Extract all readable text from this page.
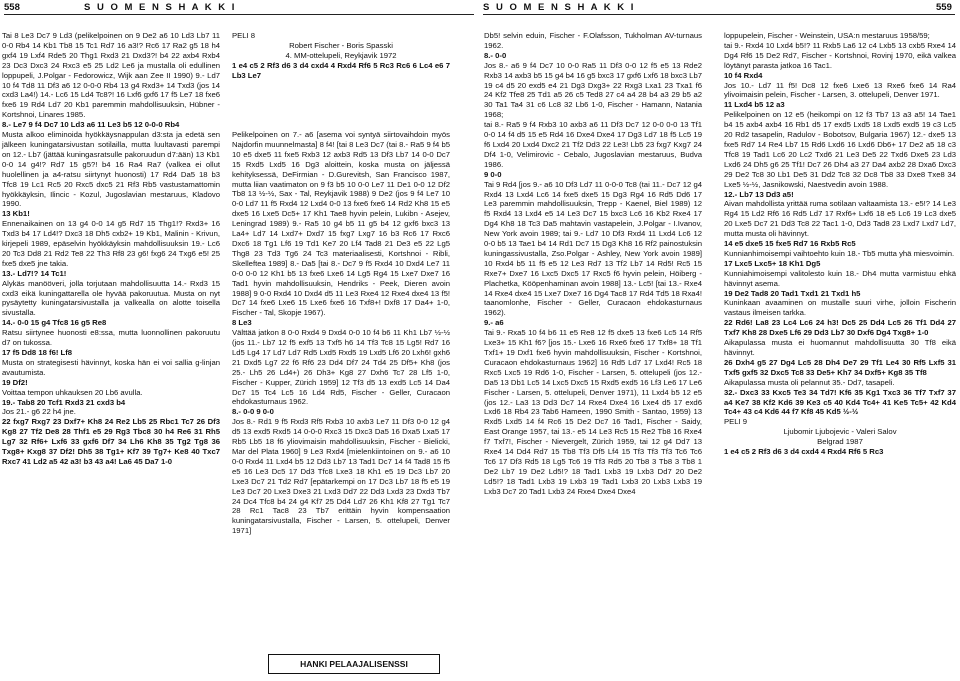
558	S U O M E N S H A K K I	S U O M E N S H A K K I	559

Tai 8 Le3 Dc7 9 Ld3 (pelikelpoinen on 9 De2 a6 10 Ld3 Lb7 11 0-0 Rb4 14 Kb1 Tb8 15 Tc1 Rd7 16 a3!? Rc6 17 Ra2 g5 18 h4 gxf4 19 Lxf4 Rde5 20 Thg1 Rxd3 21 Dxd3?! b4 22 axb4 Rxb4 23 Dc3 Dxc3 24 Rxc3 e5 25 Ld2 Le6 ja mustalla oli edullinen loppupeli, J.Polgar - Fedorowicz, Wijk aan Zee II 1990) 9.- Ld7 10 f4 Td8 11 Df3 a6 12 0-0-0 Rb4 13 g4 Rxd3+ 14 Txd3 (jos 14 cxd3 La4!) 14.- Lc6 15 Ld4 Tc8?! 16 Lxf6 gxf6 17 f5 Le7 18 fxe6 fxe6 19 Rd4 Ld7 20 Kb1 paremmin mahdollisuuksin, Hübner - Kortshnoi, Linares 1985.

8.- Le7 9 f4 Dc7 10 Ld3 a6 11 Le3 b5 12 0-0-0 Rb4

Musta alkoo eliminoida hyökkäysnappulan d3:sta ja edetä sen jälkeen kuningatarsivustan sotilailla, mutta luultavasti parempi on 12.- Lb7 (jättää kuningasratsulle pakoruudun d7:ään) 13 Kb1 0-0 14 g4!? Rd7 15 g5?! b4 16 Ra4 Ra7 (valkea ei ollut huolellinen ja a4-ratsu siirtynyt huonosti) 17 Rd4 Da5 18 b3 Tfc8 19 Lc1 Rc5 20 Rxc5 dxc5 21 Rf3 Rb5 vastustamattomin hyökkäyksin, Ilincic - Kozul, Jugoslavian mestaruus, Kladovo 1990.

13 Kb1!

Ennenaikainen on 13 g4 0-0 14 g5 Rd7 15 Thg1!? Rxd3+ 16 Txd3 b4 17 Ld4!? Dxc3 18 Dh5 cxb2+ 19 Kb1, Malinin - Krivun, kirjepeli 1989, epäselvin hyökkäyksin mahdollisuuksin 19.- Lc6 20 Tc3 Dd8 21 Rd2 Te8 22 Th3 Rf8 23 g6! fxg6 24 Txg6 e5! 25 fxe5 dxe5 jne takia.

13.- Ld7!? 14 Tc1!

Alykäs manööveri, jolla torjutaan mahdollisuutta 14.- Rxd3 15 cxd3 eikä kuningattarella ole hyvää pakoruutua. Musta on nyt pysäytetty kuningatarsivustalla ja valkealla on alotte toisella sivustalla.

14.- 0-0 15 g4 Tfc8 16 g5 Re8

Ratsu siirtynee huonosti e8:ssa, mutta luonnollinen pakoruutu d7 on tukossa.

17 f5 Dd8 18 f6! Lf8

Musta on strategisesti hävinnyt, koska hän ei voi sallia g-linjan avautumista.

19 Df2!

Voittaa tempon uhkauksen 20 Lb6 avulla.

19.- Tab8 20 Tcf1 Rxd3 21 cxd3 b4

Jos 21.- g6 22 h4 jne.

22 fxg7 Rxg7 23 Dxf7+ Kh8 24 Re2 Lb5 25 Rbc1 Tc7 26 Df3 Kg8 27 Tf2 De8 28 Thf1 e5 29 Rg3 Tbc8 30 h4 Re6 31 Rh5 Lg7 32 Rf6+ Lxf6 33 gxf6 Df7 34 Lh6 Kh8 35 Tg2 Tg8 36 Txg8+ Kxg8 37 Df2! Dh5 38 Tg1+ Kf7 39 Tg7+ Ke8 40 Txc7 Rxc7 41 Ld2 a5 42 a3! b3 43 a4! La6 45 Da7 1-0

PELI 8

Robert Fischer - Boris Spasski

4. MM-ottelupeli, Reykjavik 1972

1 e4 c5 2 Rf3 d6 3 d4 cxd4 4 Rxd4 Rf6 5 Rc3 Rc6 6 Lc4 e6 7 Lb3 Le7

Pelikelpoinen on 7.- a6 [asema voi syntyä siirtovaihdoin myös Najdorfin muunnelmasta] 8 f4! [tai 8 Le3 Dc7 (tai 8.- Ra5 9 f4 b5 10 e5 dxe5 11 fxe5 Rxb3 12 axb3 Rd5 13 Df3 Lb7 14 0-0 Dc7 15 Rxd5 Lxd5 16 Dg3 aloittein, koska musta on jäljessä kehityksessä, DeFirmian - D.Gurevitsh, San Francisco 1987, mutta liian vaatimaton on 9 f3 b5 10 0-0 Le7 11 De1 0-0 12 Df2 Tb8 13 ½-½, Sax - Tal, Reykjavik 1988) 9 De2 (jos 9 f4 Le7 10 0-0 Ld7 11 f5 Rxd4 12 Lxd4 0-0 13 fxe6 fxe6 14 Rd2 Kh8 15 e5 dxe5 16 Lxe5 Dc5+ 17 Kh1 Tae8 hyvin pelein, Lukibn - Asejev, Leningrad 1989) 9.- Ra5 10 g4 b5 11 g5 b4 12 gxf6 bxc3 13 La4+ Ld7 14 Lxd7+ Dxd7 15 fxg7 Lxg7 16 b3 Rc6 17 Rxc6 Dxc6 18 Tg1 Lf6 19 Td1 Ke7 20 Lf4 Tad8 21 De3 e5 22 Lg5 Thg8 23 Td3 Tg6 24 Tc3 materiaalisesti, Kortshnoi - Ribli, Skelleftea 1989] 8.- Da5 [tai 8.- Dc7 9 f5 Rxd4 10 Dxd4 Le7 11 0-0 0-0 12 Kh1 b5 13 fxe6 Lxe6 14 Lg5 Rg4 15 Lxe7 Dxe7 16 Tad1 hyvin mahdollisuuksin, Hendriks - Peek, Dieren avoin 1988] 9 0-0 Rxd4 10 Dxd4 d5 11 Le3 Rxe4 12 Rxe4 dxe4 13 f5! Dc7 14 fxe6 Lxe6 15 Lxe6 fxe6 16 Txf8+! Dxf8 17 Da4+ 1-0, Fischer - Tal, Skopje 1967).

8 Le3

Välttää jatkon 8 0-0 Rxd4 9 Dxd4 0-0 10 f4 b6 11 Kh1 Lb7 ½-½ (jos 11.- Lb7 12 f5 exf5 13 Txf5 h6 14 Tf3 Tc8 15 Lg5! Rd7 16 Ld5 Lg4 17 Ld7 Ld7 Rd5 Lxd5 Rxd5 19 Lxd5 Lf6 20 Lxh6! gxh6 21 Dxd5 Lg7 22 f6 Rf6 23 Dd4 Df7 24 Td4 25 Df5+ Kh8 (jos 25.- Lh5 26 Ld4+) 26 Dh3+ Kg8 27 Dxh6 Tc7 28 Lf5 1-0, Fischer - Kupper, Zürich 1959] 12 Tf3 d5 13 exd5 Lc5 14 Da4 Dc7 15 Tc4 Lc5 16 Ld4 Rd5, Fischer - Geller, Curacaon ehdokasturnaus 1962.

8.- 0-0 9 0-0

Jos 8.- Rd1 9 f5 Rxd3 Rf5 Rxb3 10 axb3 Le7 11 Df3 0-0 12 g4 d5 13 exd5 Rxd5 14 0-0-0 Rxc3 15 Dxc3 Da5 16 Dxa5 Lxa5 17 Rb5 Lb5 18 f6 yliovimaisin mahdollisuuksin, Fischer - Bielicki, Mar del Plata 1960] 9 Le3 Rxd4 [mielenkiintoinen on 9.- a6 10 0-0 Rxd4 11 Lxd4 b5 12 Dd3 Lb7 13 Tad1 Dc7 14 f4 Tad8 15 f5 e5 16 Le3 Dc5 17 Dd3 Tfc8 Lxe3 18 Kh1 e5 19 Dc3 Lb7 20 Lxe3 Dc7 21 Td2 Rd7 [epätarkempi on 17 Dc3 Lb7 18 f5 e5 19 Le3 Dc7 20 Lxe3 Dxe3 21 Lxd3 Dd7 22 Dd3 Lxd3 23 Dxd3 Tb7 24 Dc4 Tfc8 b4 24 g4 Kf7 25 Dd4 Ld7 26 Kh1 Kf8 27 Tg1 Tc7 28 Rc1 Tac8 23 Tb7 erittäin hyvin kompensaation kuningatarsivustalla, Fischer - Larsen, 5. ottelupeli, Denver 1971]

HANKI PELAAJALISENSSI

Db5! selvin eduin, Fischer - F.Olafsson, Tukholman AV-turnaus 1962.

8.- 0-0

Jos 8.- a6 9 f4 Dc7 10 0-0 Ra5 11 Df3 0-0 12 f5 e5 13 Rde2 Rxb3 14 axb3 b5 15 g4 b4 16 g5 bxc3 17 gxf6 Lxf6 18 bxc3 Lb7 19 c4 d5 20 exd5 e4 21 Dg3 Dxg3+ 22 Rxg3 Lxa1 23 Txa1 f6 24 Kf2 Tfe8 25 Td1 a5 26 c5 Ted8 27 c4 a4 28 b4 a3 29 b5 a2 30 Ta1 Ta4 31 c6 Lc8 32 Lb6 1-0, Fischer - Hamann, Natania 1968;

tai 8.- Ra5 9 f4 Rxb3 10 axb3 a6 11 Df3 Dc7 12 0-0 0-0 13 Tf1 0-0 14 f4 d5 15 e5 Rd4 16 Dxe4 Dxe4 17 Dg3 Ld7 18 f5 Lc5 19 f6 Lxd4 20 Lxd4 Dxc2 21 Tf2 Dd3 22 Le3! Lb5 23 fxg7 Kxg7 24 Df4 1-0, Velimirovic - Cebalo, Jugoslavian mestaruus, Budva 1986.

9 0-0

Tai 9 Rd4 [jos 9.- a6 10 Df3 Ld7 11 0-0-0 Tc8 (tai 11.- Dc7 12 g4 Rxd4 13 Lxd4 Lc6 14 fxe5 dxe5 15 Dg3 Rg4 16 Rd5 Dd6 17 Le3 paremmin mahdollisuuksin, Trepp - Kaenel, Biel 1989) 12 f5 Rxd4 13 Lxd4 e5 14 Le3 Dc7 15 bxc3 Lc6 16 Kb2 Rxe4 17 Dg4 Kh8 18 Tc3 Da5 mahtavin vastapelein, J.Polgar - I.Ivanov, New York avoin 1989; tai 9.- Ld7 10 Df3 Rxd4 11 Lxd4 Lc6 12 0-0 b5 13 Tae1 b4 14 Rd1 Dc7 15 Dg3 Kh8 16 Rf2 painostuksin kuningassivustalla, Zso.Polgar - Ashley, New York avoin 1989] 10 Rxd4 b5 11 f5 e5 12 Le3 Rd7 13 Tf2 Lb7 14 Rd5! Rc5 15 Rxe7+ Dxe7 16 Lxc5 Dxc5 17 Rxc5 f6 hyvin pelein, Höiberg - Plachetka, Kööpenhaminan avoin 1988] 13.- Lc5! [tai 13.- Rxe4 14 Rxe4 dxe4 15 Lxe7 Dxe7 16 Dg4 Tac8 17 Rd4 Td5 18 Rxa4! taanomlonhe, Fischer - Geller, Curacaon ehdokasturnaus 1962).

9.- a6

Tai 9.- Rxa5 10 f4 b6 11 e5 Re8 12 f5 dxe5 13 fxe6 Lc5 14 Rf5 Lxe3+ 15 Kh1 f6? [jos 15.- Lxe6 16 Rxe6 fxe6 17 Txf8+ 18 Tf1 Txf1+ 19 Dxf1 fxe6 hyvin mahdollisuuksin, Fischer - Kortshnoi, Curacaon ehdokasturnaus 1962] 16 Rd5 Ld7 17 Lxd4! Rc5 18 Rxc5 Lxc5 19 Rd6 1-0, Fischer - Larsen, 5. ottelupeli (jos 12.- Da5 13 Db1 Lc5 14 Lxc5 Dxc5 15 Rxd5 exd5 16 Lf3 Le6 17 Le6 Fischer - Larsen, 5. ottelupeli, Denver 1971), 11 Lxd4 b5 12 e5 (jos 12.- La3 13 Dd3 Dc7 14 Rxe4 Dxe4 16 Lxe4 d5 17 exd6 Lxd6 18 Rb4 23 Tab6 Hameen, 1990 Smith - Santao, 1959) 13 Rxd5 Lxd5 14 f4 Rc6 15 De2 Dc7 16 Tad1, Fischer - Saidy, East Orange 1957, tai 13.- e5 14 Le3 Rc5 15 Re2 Tb8 16 Rxe4 f7 Txf7!, Fischer - Nievergelt, Zürich 1959, tai 12 g4 Dd7 13 Rxe4 14 Dd4 Rd7 15 Tb8 Tf3 Df5 Lf4 15 Tf3 Tf3 Tf3 Tc6 Tc6 Tc6 17 Df3 Rd5 18 Lg5 Tc6 19 Tf3 Rd5 20 Tb8 3 Tb8 3 Tb8 1 De2 Lb7 19 De2 Ld5!? 18 Tad1 Lxb3 19 Lxb3 Dd7 20 De2 Ld5!? 18 Tad1 Lxb3 19 Lxb3 19 Tad1 Lxb3 20 Lxb3 Lxb3 19 Lxb3 Dc7 20 Tad1 Lxb3 24 Rxe4 Dxe4 Dxe4

loppupelein, Fischer - Weinstein, USA:n mestaruus 1958/59;

tai 9.- Rxd4 10 Lxd4 b5!? 11 Rxb5 La6 12 c4 Lxb5 13 cxb5 Rxe4 14 Dg4 Rf6 15 De2 Rd7, Fischer - Kortshnoi, Rovinj 1970, eikä valkea löytänyt parasta jatkoa 16 Tac1.

10 f4 Rxd4

Jos 10.- Ld7 11 f5! Dc8 12 fxe6 Lxe6 13 Rxe6 fxe6 14 Ra4 ylivoimaisin pelein, Fischer - Larsen, 3. ottelupeli, Denver 1971.

11 Lxd4 b5 12 a3

Pelikelpoinen on 12 e5 (heikompi on 12 f3 Tb7 13 a3 a5! 14 Tae1 b4 15 axb4 axb4 16 Rb1 d5 17 exd5 Lxd5 18 Lxd5 exd5 19 c3 Lc5 20 Rd2 tasapelin, Radulov - Bobotsov, Bulgaria 1967) 12.- dxe5 13 fxe5 Rd7 14 Re4 Lb7 15 Rd6 Lxd6 16 Lxd6 Db6+ 17 De2 a5 18 c3 Tfc8 19 Tad1 Lc6 20 Lc2 Txd6 21 Le3 De5 22 Txd6 Dxe5 23 Ld3 Lxd6 24 Dh5 g6 25 Tf1! Dc7 26 Dh4 a3 27 Da4 axb2 28 Dxa6 Dxc3 29 De2 Tc8 30 Lb1 De5 31 Dd2 Tc8 32 Dc8 Tb8 33 Dxe8 Txe8 34 Lxe5 ½-½, Jasnikowski, Naestvedin avoin 1988.

12.- Lb7 13 Dd3 a5!

Aivan mahdollista yrittää ruma sotilaan valtaamista 13.- e5!? 14 Le3 Rg4 15 Ld2 Rf6 16 Rd5 Ld7 17 Rxf6+ Lxf6 18 e5 Lc6 19 Lc3 dxe5 20 Lxe5 Dc7 21 Dd3 Tc8 22 Tac1 1-0, Dd3 Tad8 23 Lxd7 Lxd7 Ld7, mutta musta oli hävinnyt.

14 e5 dxe5 15 fxe5 Rd7 16 Rxb5 Rc5

Kunnianhimoisempi vaihtoehto kuin 18.- Tb5 mutta yhä miesvoimin.

17 Lxc5 Lxc5+ 18 Kh1 Dg5

Kunniahimoisempi valitolesto kuin 18.- Dh4 mutta varmistuu ehkä hävinnyt asema.

19 De2 Tad8 20 Tad1 Txd1 21 Txd1 h5

Kuninkaan avaaminen on mustalle suuri virhe, jolloin Fischerin vastaus ilmeisen tarkka.

22 Rd6! La8 23 Lc4 Lc6 24 h3! Dc5 25 Dd4 Lc5 26 Tf1 Dd4 27 Txf7 Kh8 28 Dxe5 Lf6 29 Dd3 Lb7 30 Dxf6 Dg4 Txg8+ 1-0

Aikapulassa musta ei huomannut mahdollisuutta 30 Tf8 eikä hävinnyt.

26 Dxh4 g5 27 Dg4 Lc5 28 Dh4 De7 29 Tf1 Le4 30 Rf5 Lxf5 31 Txf5 gxf5 32 Dxc5 Tc8 33 De5+ Kh7 34 Dxf5+ Kg8 35 Tf8

Aikapulassa musta oli pelannut 35.- Dd7, tasapeli.

32.- Dxc3 33 Kxc5 Te3 34 Td7! Kf6 35 Kg1 Txc3 36 Tf7 Txf7 37 a4 Ke7 38 Kf2 Kd6 39 Ke3 c5 40 Kd4 Tc4+ 41 Ke5 Tc5+ 42 Kd4 Tc4+ 43 c4 Kd6 44 f7 Kf8 45 Kd5 ½-½

PELI 9

Ljubomir Ljubojevic - Valeri Salov

Belgrad 1987

1 e4 c5 2 Rf3 d6 3 d4 cxd4 4 Rxd4 Rf6 5 Rc3
